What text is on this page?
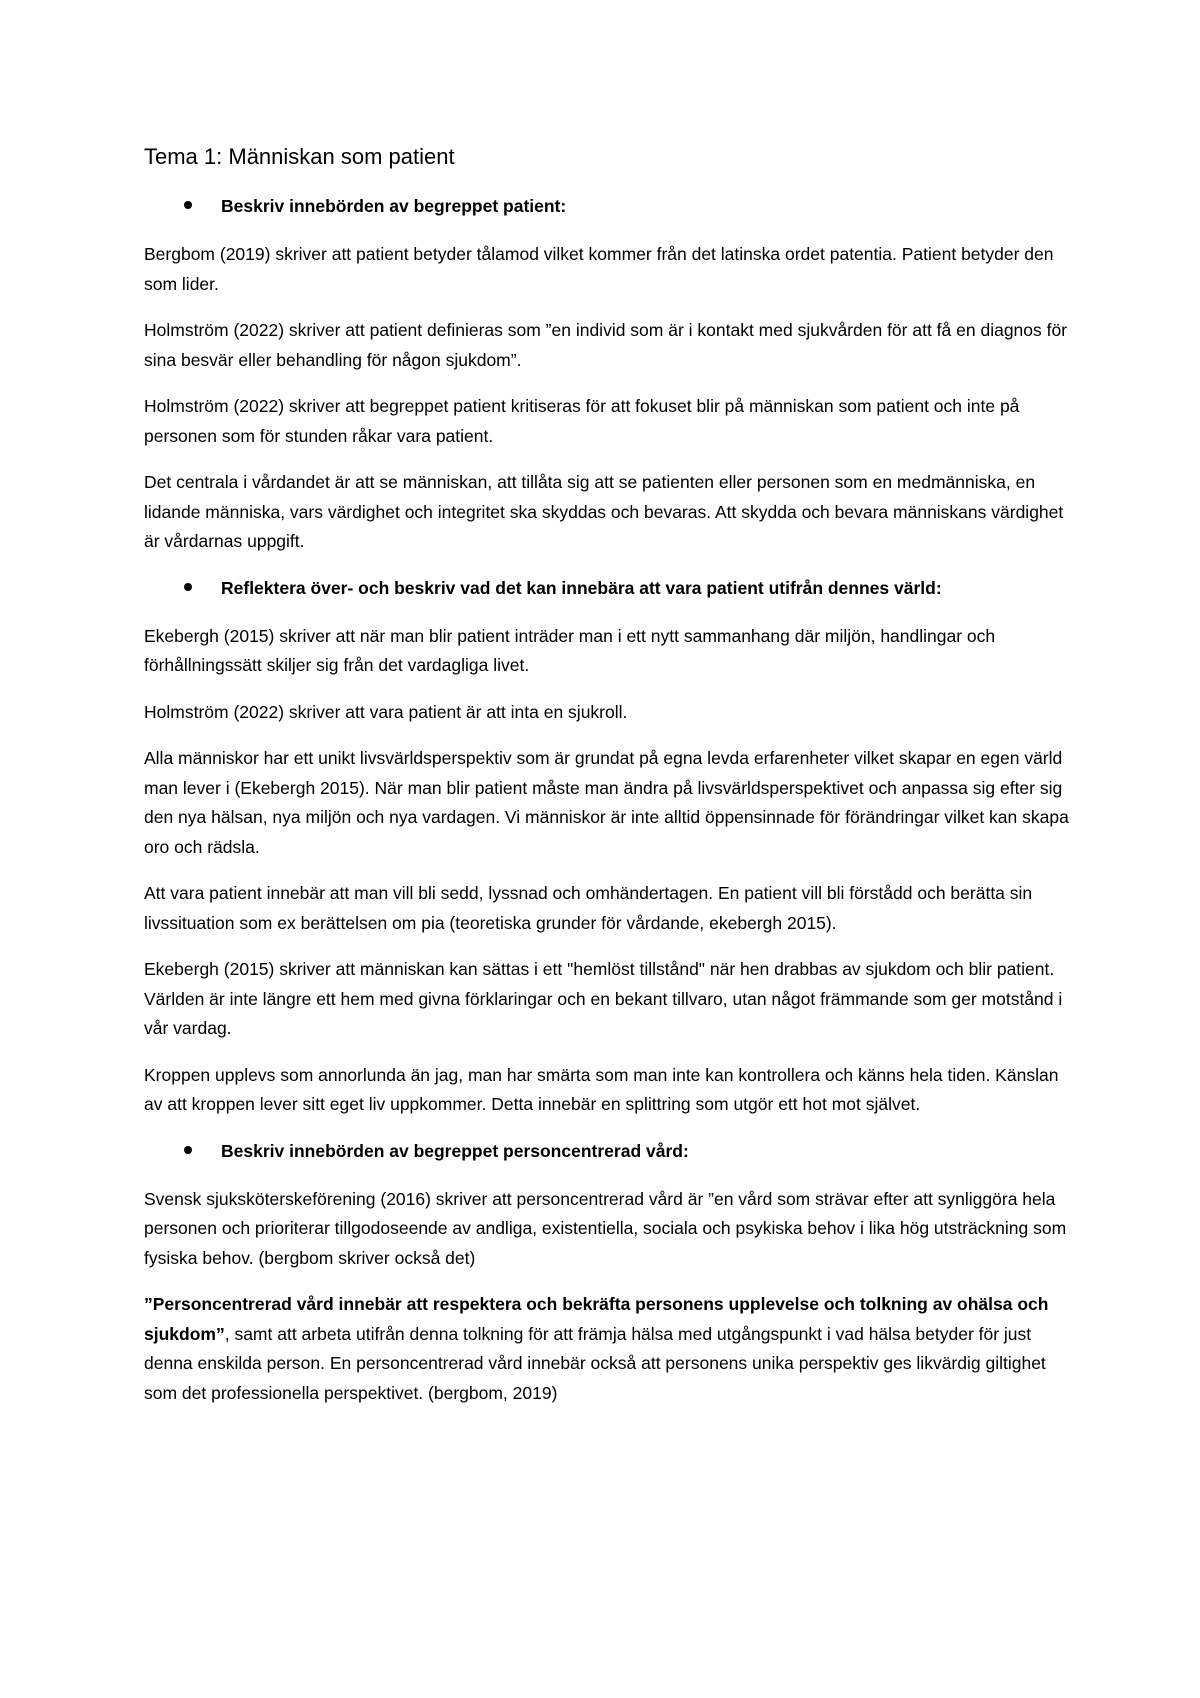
Tema 1: Människan som patient
Beskriv innebörden av begreppet patient:

Bergbom (2019) skriver att patient betyder tålamod vilket kommer från det latinska ordet patentia. Patient betyder den som lider.

Holmström (2022) skriver att patient definieras som ”en individ som är i kontakt med sjukvården för att få en diagnos för sina besvär eller behandling för någon sjukdom”.

Holmström (2022) skriver att begreppet patient kritiseras för att fokuset blir på människan som patient och inte på personen som för stunden råkar vara patient.

Det centrala i vårdandet är att se människan, att tillåta sig att se patienten eller personen som en medmänniska, en lidande människa, vars värdighet och integritet ska skyddas och bevaras. Att skydda och bevara människans värdighet är vårdarnas uppgift.

Reflektera över- och beskriv vad det kan innebära att vara patient utifrån dennes värld:

Ekebergh (2015) skriver att när man blir patient inträder man i ett nytt sammanhang där miljön, handlingar och förhållningssätt skiljer sig från det vardagliga livet.

Holmström (2022) skriver att vara patient är att inta en sjukroll.

Alla människor har ett unikt livsvärldsperspektiv som är grundat på egna levda erfarenheter vilket skapar en egen värld man lever i (Ekebergh 2015). När man blir patient måste man ändra på livsvärldsperspektivet och anpassa sig efter sig den nya hälsan, nya miljön och nya vardagen. Vi människor är inte alltid öppensinnade för förändringar vilket kan skapa oro och rädsla.

Att vara patient innebär att man vill bli sedd, lyssnad och omhändertagen. En patient vill bli förstådd och berätta sin livssituation som ex berättelsen om pia (teoretiska grunder för vårdande, ekebergh 2015).

Ekebergh (2015) skriver att människan kan sättas i ett "hemlöst tillstånd" när hen drabbas av sjukdom och blir patient. Världen är inte längre ett hem med givna förklaringar och en bekant tillvaro, utan något främmande som ger motstånd i vår vardag.

Kroppen upplevs som annorlunda än jag, man har smärta som man inte kan kontrollera och känns hela tiden. Känslan av att kroppen lever sitt eget liv uppkommer. Detta innebär en splittring som utgör ett hot mot självet.

Beskriv innebörden av begreppet personcentrerad vård:

Svensk sjuksköterskeförening (2016) skriver att personcentrerad vård är ”en vård som strävar efter att synliggöra hela personen och prioriterar tillgodoseende av andliga, existentiella, sociala och psykiska behov i lika hög utsträckning som fysiska behov. (bergbom skriver också det)

”Personcentrerad vård innebär att respektera och bekräfta personens upplevelse och tolkning av ohälsa och sjukdom”, samt att arbeta utifrån denna tolkning för att främja hälsa med utgångspunkt i vad hälsa betyder för just denna enskilda person. En personcentrerad vård innebär också att personens unika perspektiv ges likvärdig giltighet som det professionella perspektivet. (bergbom, 2019)
